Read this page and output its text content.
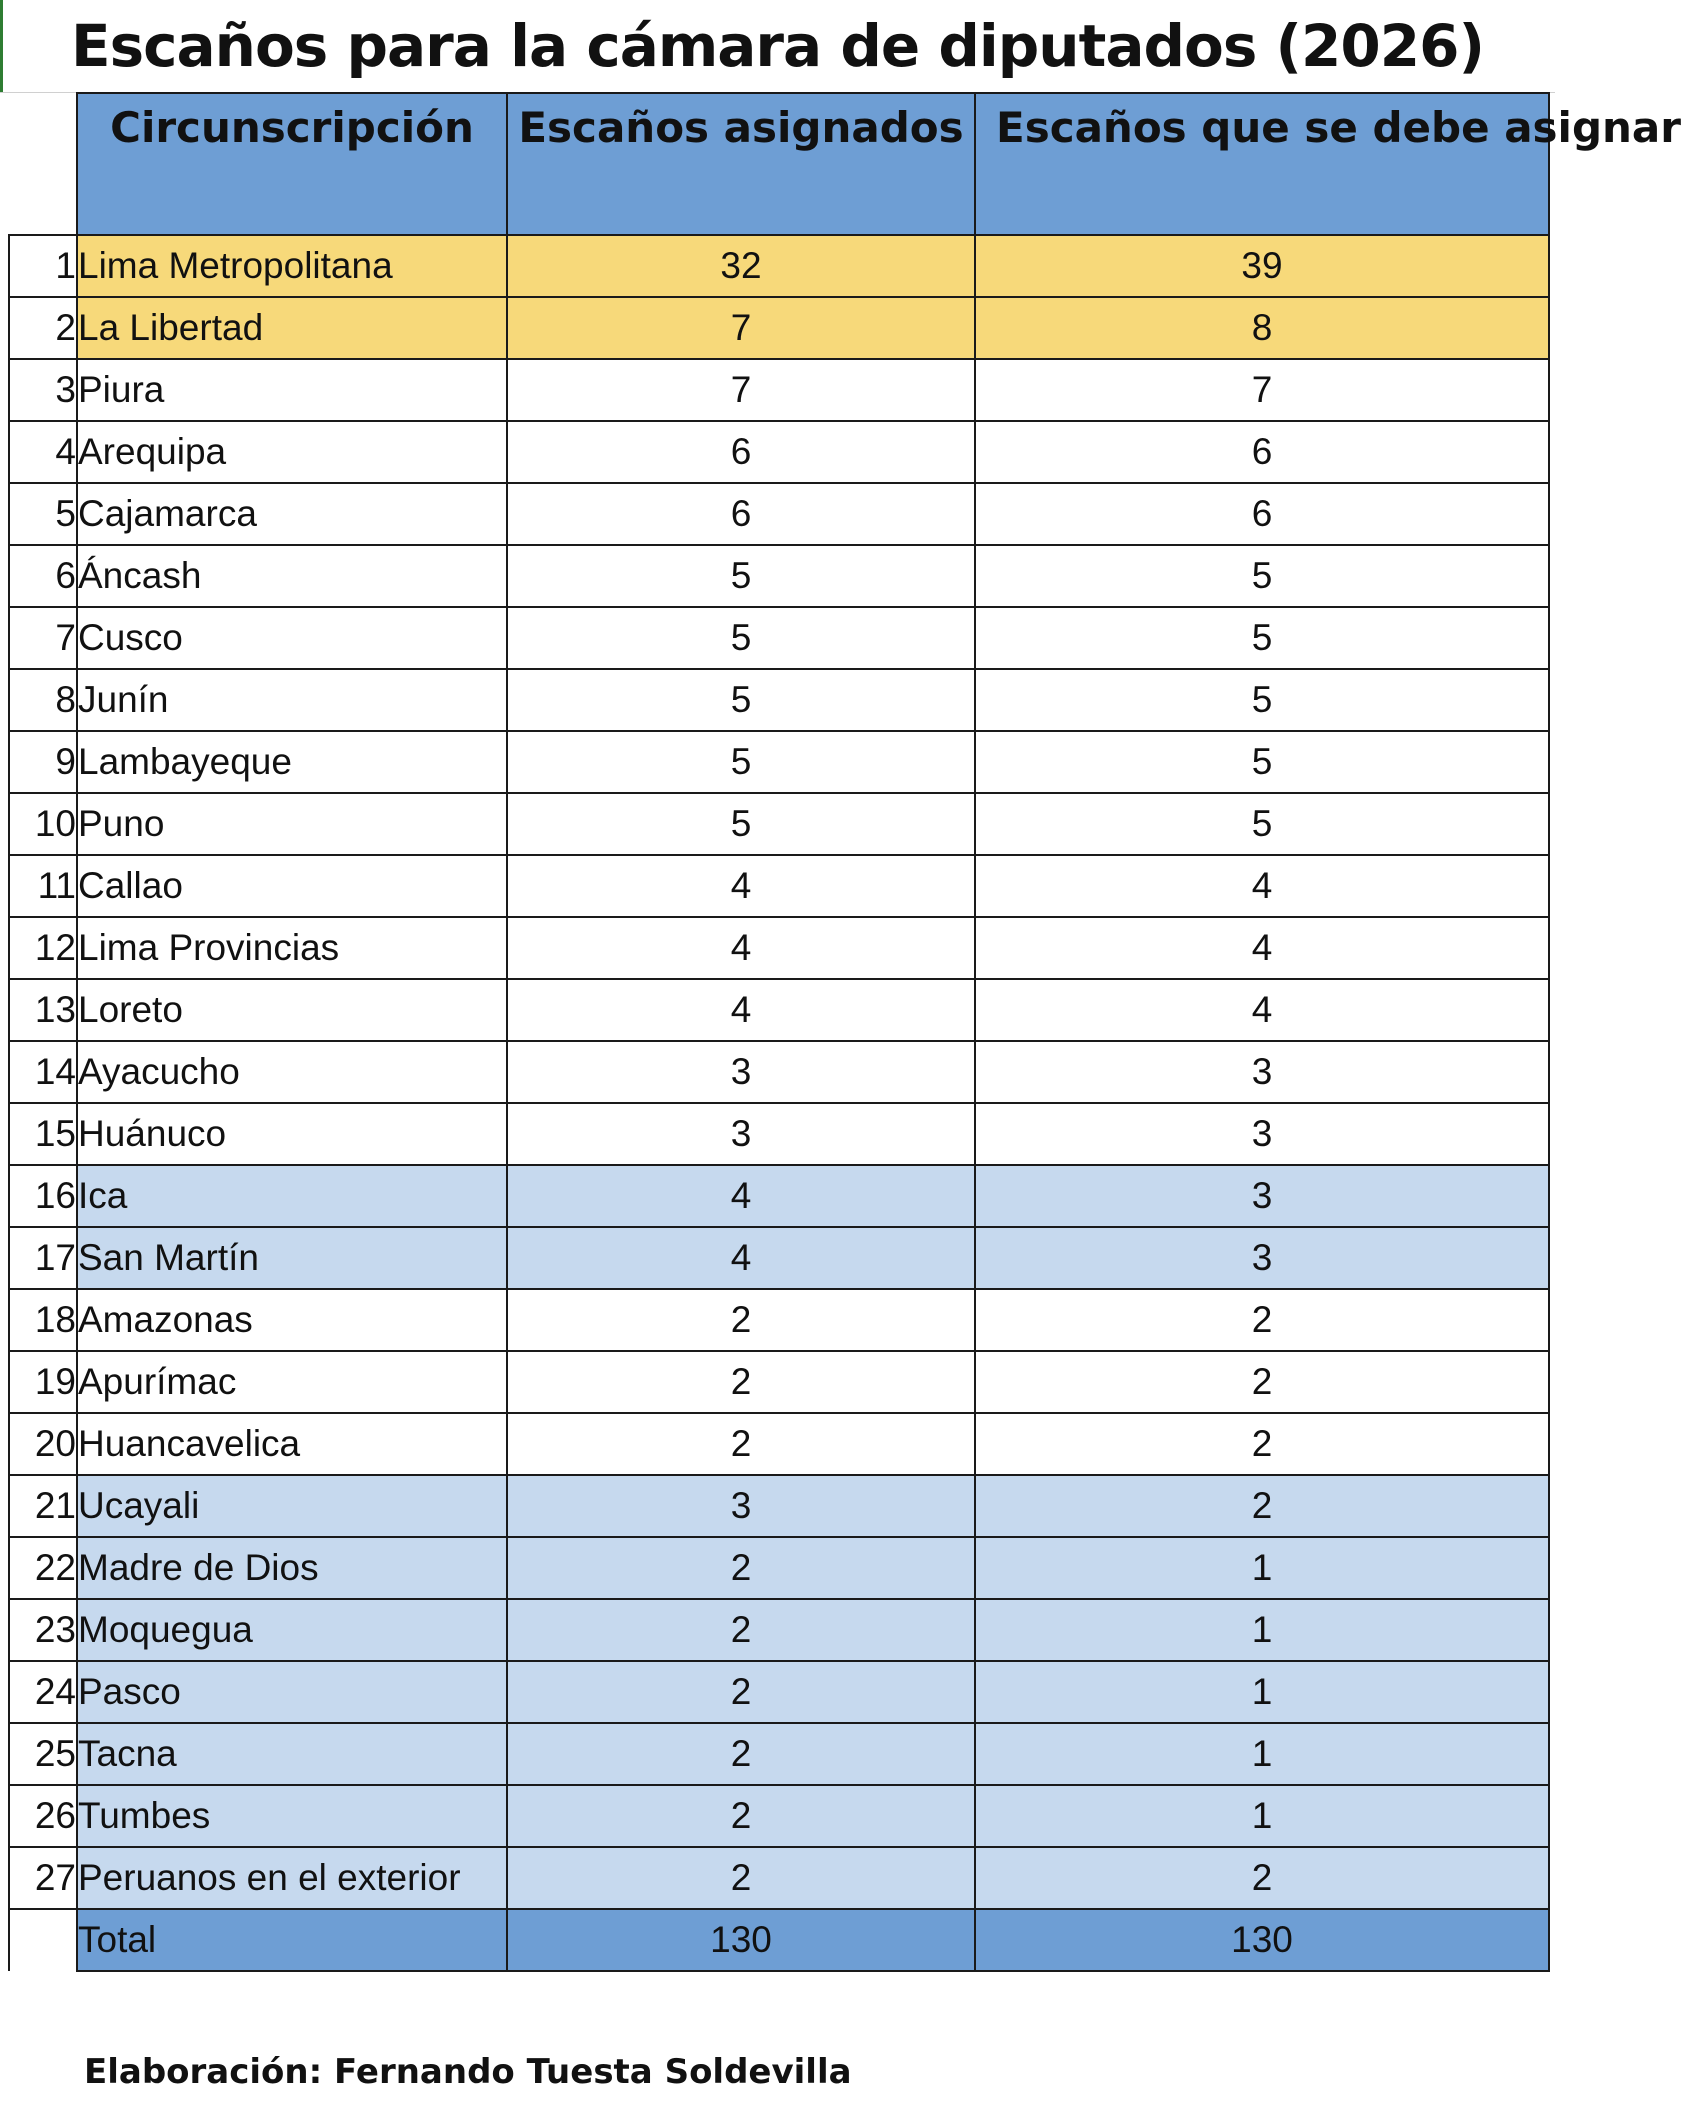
Escaños para la cámara de diputados (2026)
	Circunscripción	Escaños asignados	Escaños que se debe asignar
1	Lima Metropolitana	32	39
2	La Libertad	7	8
3	Piura	7	7
4	Arequipa	6	6
5	Cajamarca	6	6
6	Áncash	5	5
7	Cusco	5	5
8	Junín	5	5
9	Lambayeque	5	5
10	Puno	5	5
11	Callao	4	4
12	Lima Provincias	4	4
13	Loreto	4	4
14	Ayacucho	3	3
15	Huánuco	3	3
16	Ica	4	3
17	San Martín	4	3
18	Amazonas	2	2
19	Apurímac	2	2
20	Huancavelica	2	2
21	Ucayali	3	2
22	Madre de Dios	2	1
23	Moquegua	2	1
24	Pasco	2	1
25	Tacna	2	1
26	Tumbes	2	1
27	Peruanos en el exterior	2	2
	Total	130	130
Elaboración: Fernando Tuesta Soldevilla
